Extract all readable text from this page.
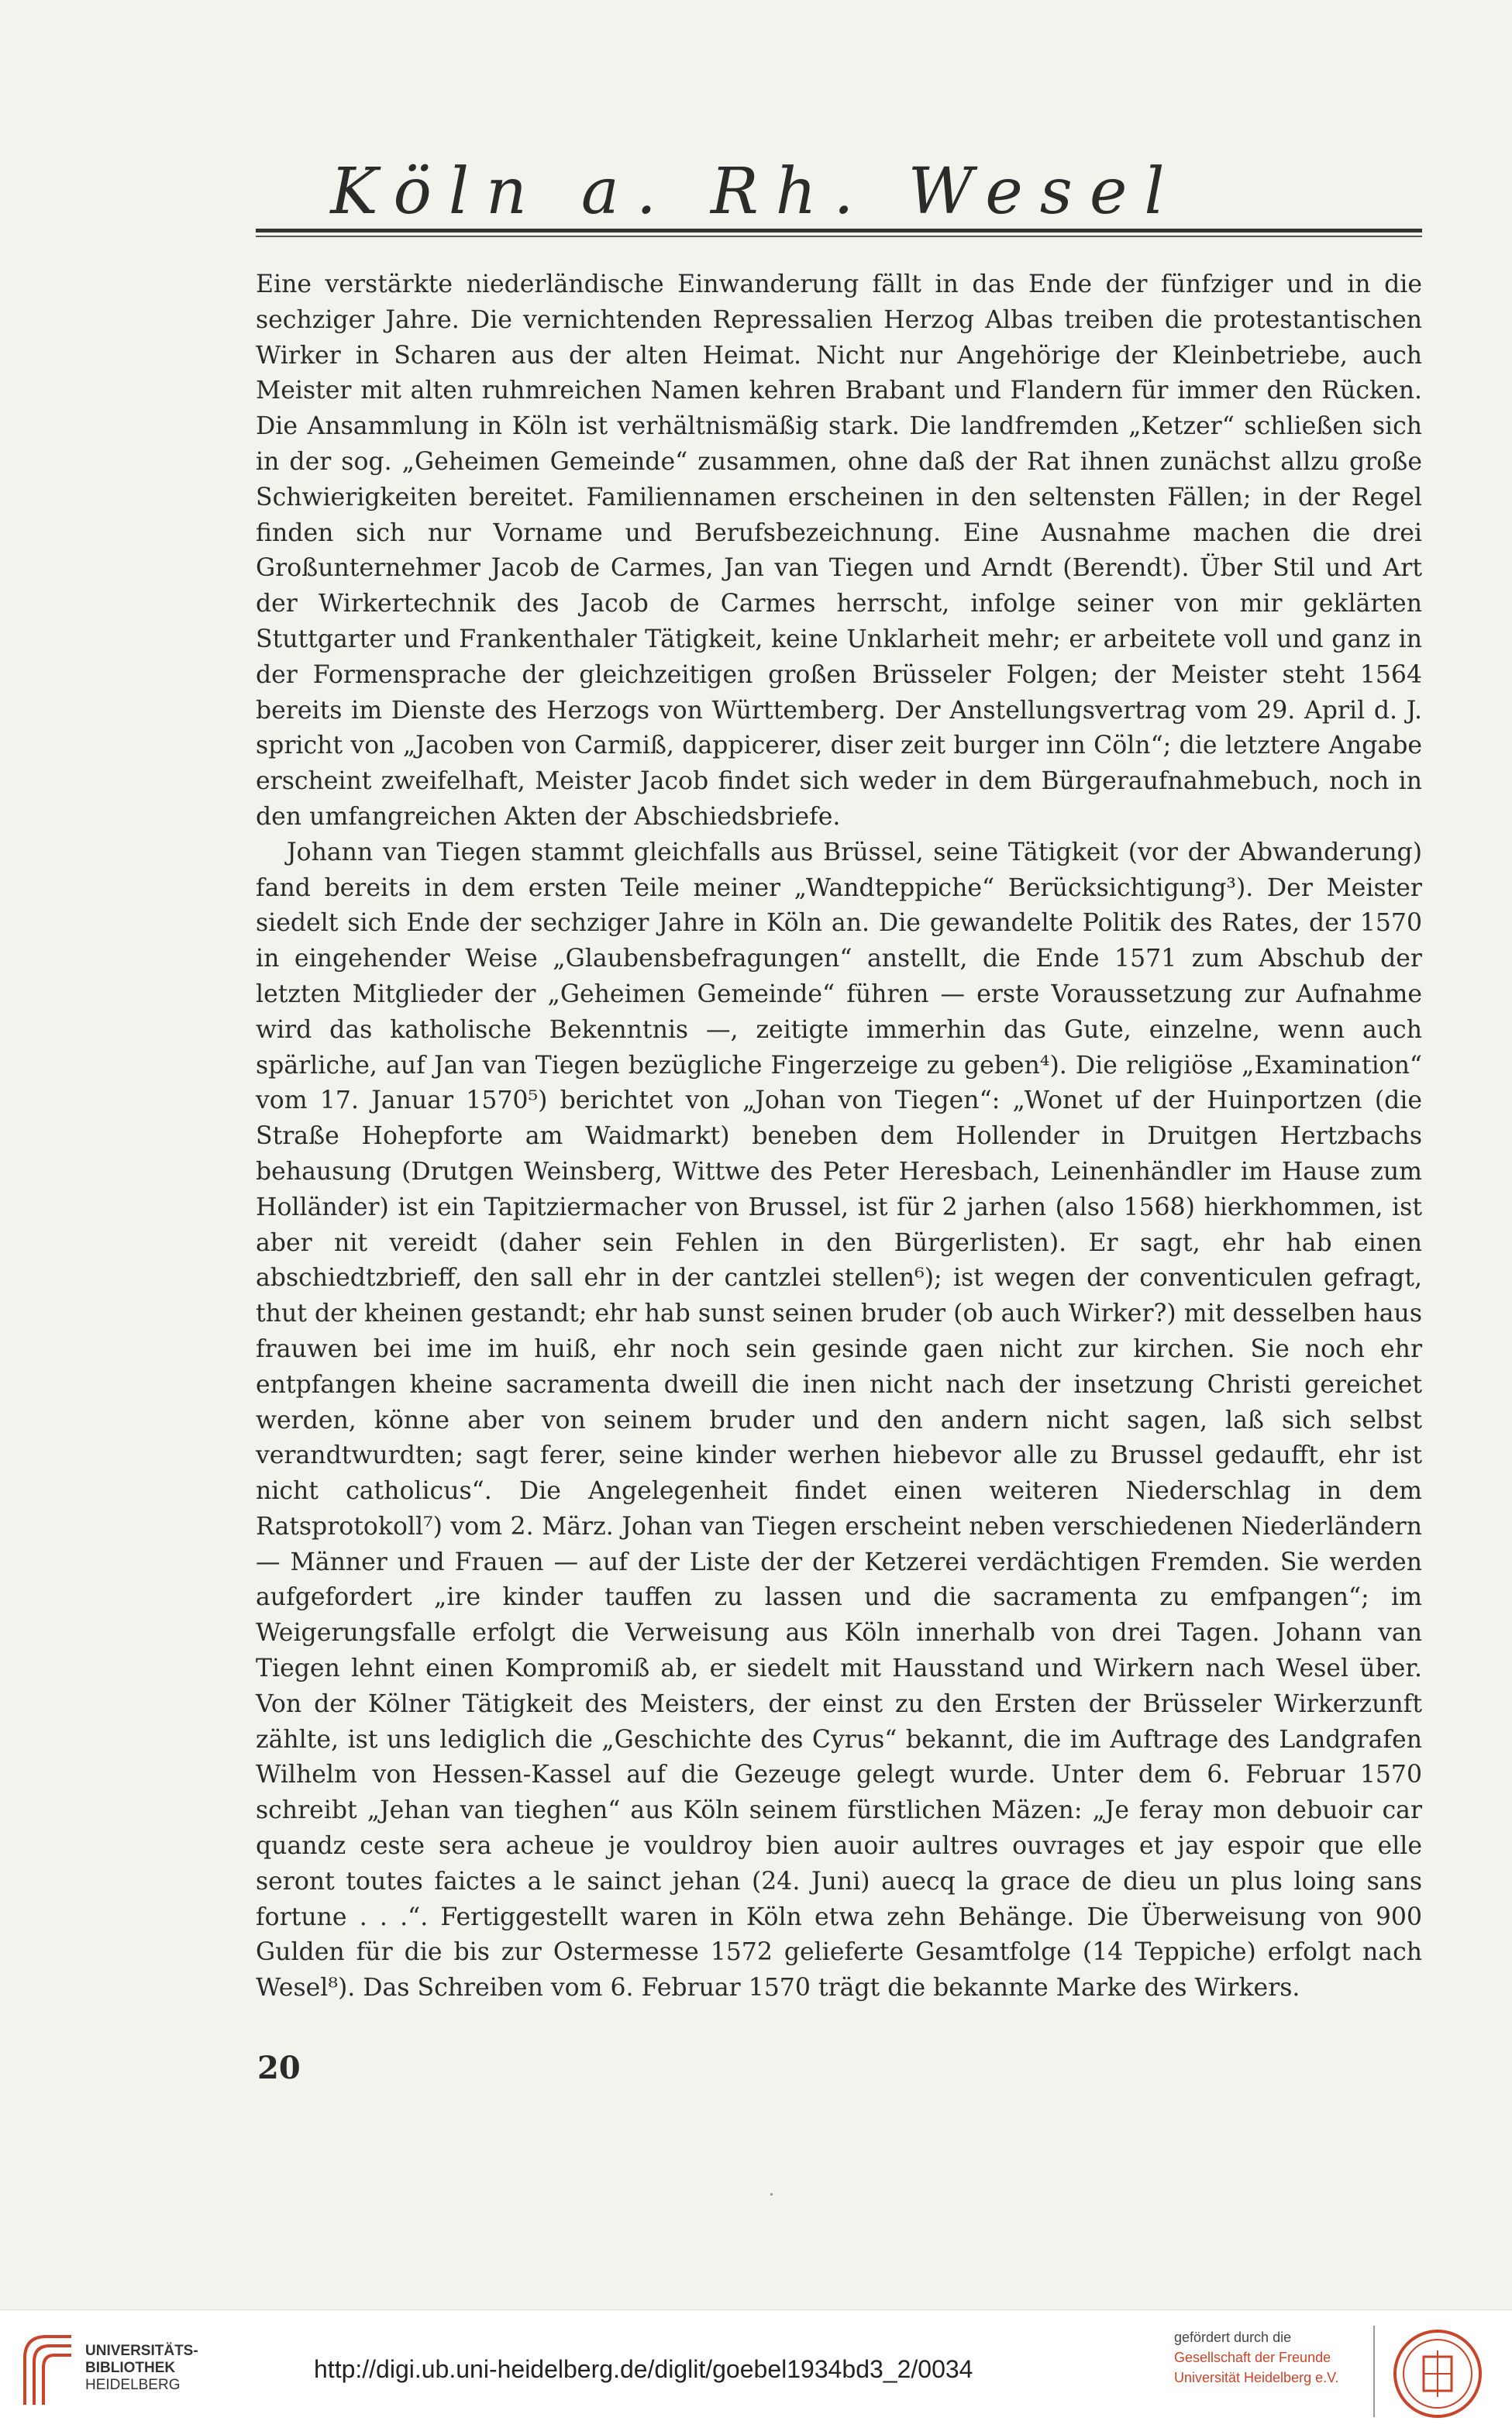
Köln a. Rh. Wesel

Eine verstärkte niederländische Einwanderung fällt in das Ende der fünfziger und in die sechziger Jahre. Die vernichtenden Repressalien Herzog Albas treiben die protestantischen Wirker in Scharen aus der alten Heimat. Nicht nur Angehörige der Kleinbetriebe, auch Meister mit alten ruhmreichen Namen kehren Brabant und Flandern für immer den Rücken. Die Ansammlung in Köln ist verhältnismäßig stark. Die landfremden „Ketzer“ schließen sich in der sog. „Geheimen Gemeinde“ zusammen, ohne daß der Rat ihnen zunächst allzu große Schwierigkeiten bereitet. Familiennamen erscheinen in den seltensten Fällen; in der Regel finden sich nur Vorname und Berufsbezeichnung. Eine Ausnahme machen die drei Großunternehmer Jacob de Carmes, Jan van Tiegen und Arndt (Berendt). Über Stil und Art der Wirkertechnik des Jacob de Carmes herrscht, infolge seiner von mir geklärten Stuttgarter und Frankenthaler Tätigkeit, keine Unklarheit mehr; er arbeitete voll und ganz in der Formensprache der gleichzeitigen großen Brüsseler Folgen; der Meister steht 1564 bereits im Dienste des Herzogs von Württemberg. Der Anstellungsvertrag vom 29. April d. J. spricht von „Jacoben von Carmiß, dappicerer, diser zeit burger inn Cöln“; die letztere Angabe erscheint zweifelhaft, Meister Jacob findet sich weder in dem Bürgeraufnahmebuch, noch in den umfangreichen Akten der Abschiedsbriefe.

Johann van Tiegen stammt gleichfalls aus Brüssel, seine Tätigkeit (vor der Abwanderung) fand bereits in dem ersten Teile meiner „Wandteppiche“ Berücksichtigung³). Der Meister siedelt sich Ende der sechziger Jahre in Köln an. Die gewandelte Politik des Rates, der 1570 in eingehender Weise „Glaubensbefragungen“ anstellt, die Ende 1571 zum Abschub der letzten Mitglieder der „Geheimen Gemeinde“ führen — erste Voraussetzung zur Aufnahme wird das katholische Bekenntnis —, zeitigte immerhin das Gute, einzelne, wenn auch spärliche, auf Jan van Tiegen bezügliche Fingerzeige zu geben⁴). Die religiöse „Examination“ vom 17. Januar 1570⁵) berichtet von „Johan von Tiegen“: „Wonet uf der Huinportzen (die Straße Hohepforte am Waidmarkt) beneben dem Hollender in Druitgen Hertzbachs behausung (Drutgen Weinsberg, Wittwe des Peter Heresbach, Leinenhändler im Hause zum Holländer) ist ein Tapitziermacher von Brussel, ist für 2 jarhen (also 1568) hierkhommen, ist aber nit vereidt (daher sein Fehlen in den Bürgerlisten). Er sagt, ehr hab einen abschiedtzbrieff, den sall ehr in der cantzlei stellen⁶); ist wegen der conventiculen gefragt, thut der kheinen gestandt; ehr hab sunst seinen bruder (ob auch Wirker?) mit desselben haus frauwen bei ime im huiß, ehr noch sein gesinde gaen nicht zur kirchen. Sie noch ehr entpfangen kheine sacramenta dweill die inen nicht nach der insetzung Christi gereichet werden, könne aber von seinem bruder und den andern nicht sagen, laß sich selbst verandtwurdten; sagt ferer, seine kinder werhen hiebevor alle zu Brussel gedaufft, ehr ist nicht catholicus“. Die Angelegenheit findet einen weiteren Niederschlag in dem Ratsprotokoll⁷) vom 2. März. Johan van Tiegen erscheint neben verschiedenen Niederländern — Männer und Frauen — auf der Liste der der Ketzerei verdächtigen Fremden. Sie werden aufgefordert „ire kinder tauffen zu lassen und die sacramenta zu emfpangen“; im Weigerungsfalle erfolgt die Verweisung aus Köln innerhalb von drei Tagen. Johann van Tiegen lehnt einen Kompromiß ab, er siedelt mit Hausstand und Wirkern nach Wesel über. Von der Kölner Tätigkeit des Meisters, der einst zu den Ersten der Brüsseler Wirkerzunft zählte, ist uns lediglich die „Geschichte des Cyrus“ bekannt, die im Auftrage des Landgrafen Wilhelm von Hessen-Kassel auf die Gezeuge gelegt wurde. Unter dem 6. Februar 1570 schreibt „Jehan van tieghen“ aus Köln seinem fürstlichen Mäzen: „Je feray mon debuoir car quandz ceste sera acheue je vouldroy bien auoir aultres ouvrages et jay espoir que elle seront toutes faictes a le sainct jehan (24. Juni) auecq la grace de dieu un plus loing sans fortune . . .“. Fertiggestellt waren in Köln etwa zehn Behänge. Die Überweisung von 900 Gulden für die bis zur Ostermesse 1572 gelieferte Gesamtfolge (14 Teppiche) erfolgt nach Wesel⁸). Das Schreiben vom 6. Februar 1570 trägt die bekannte Marke des Wirkers.

20
UNIVERSITÄTS-
BIBLIOTHEK
HEIDELBERG
http://digi.ub.uni-heidelberg.de/diglit/goebel1934bd3_2/0034
gefördert durch die
Gesellschaft der Freunde
Universität Heidelberg e.V.
